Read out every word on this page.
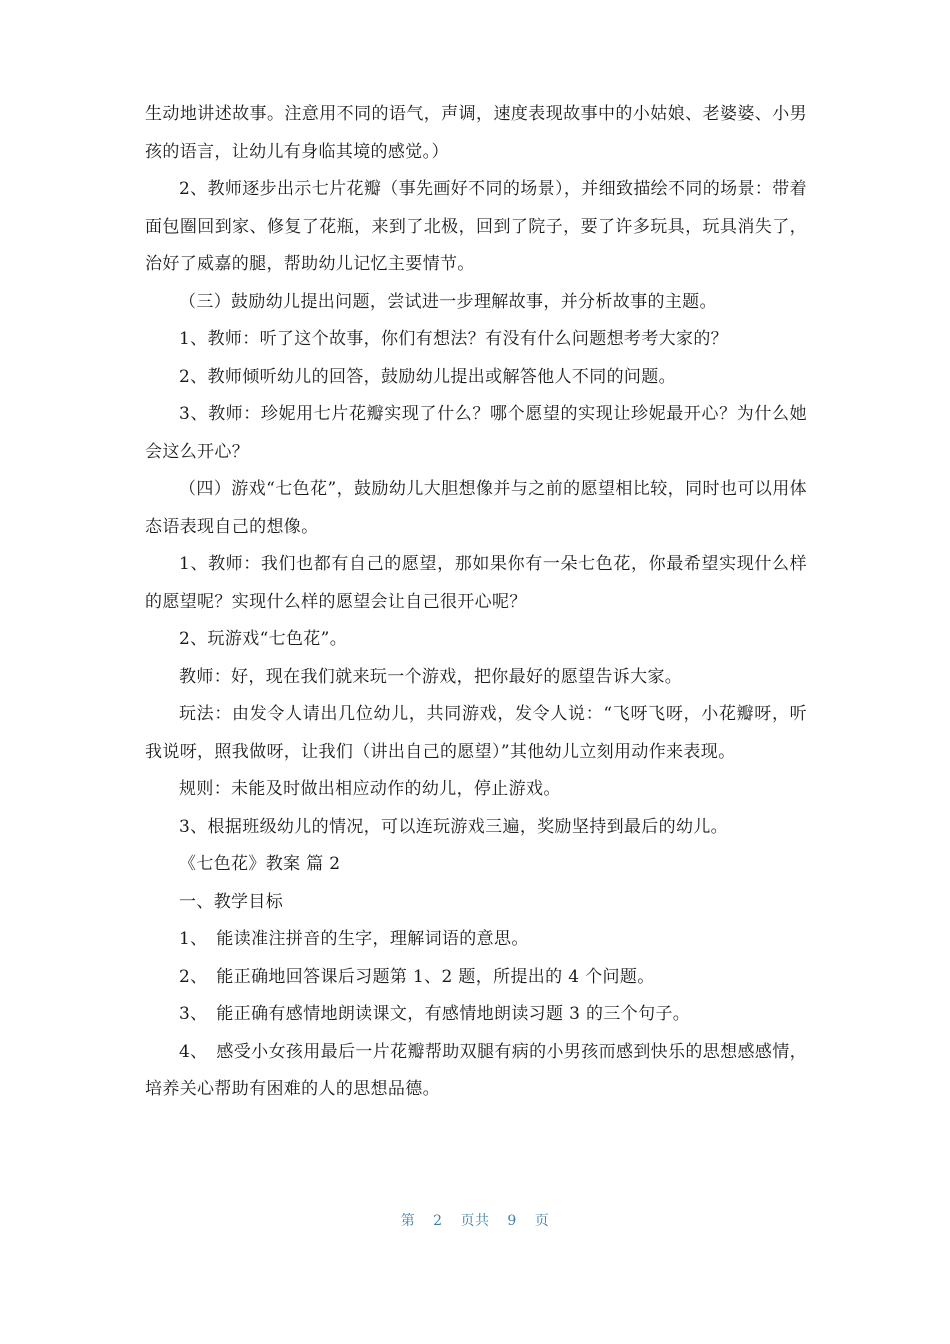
生动地讲述故事。注意用不同的语气，声调，速度表现故事中的小姑娘、老婆婆、小男孩的语言，让幼儿有身临其境的感觉。）

2、教师逐步出示七片花瓣（事先画好不同的场景），并细致描绘不同的场景：带着面包圈回到家、修复了花瓶，来到了北极，回到了院子，要了许多玩具，玩具消失了，治好了威嘉的腿，帮助幼儿记忆主要情节。

（三）鼓励幼儿提出问题，尝试进一步理解故事，并分析故事的主题。

1、教师：听了这个故事，你们有想法？有没有什么问题想考考大家的？

2、教师倾听幼儿的回答，鼓励幼儿提出或解答他人不同的问题。

3、教师：珍妮用七片花瓣实现了什么？哪个愿望的实现让珍妮最开心？为什么她会这么开心？

（四）游戏“七色花”，鼓励幼儿大胆想像并与之前的愿望相比较，同时也可以用体态语表现自己的想像。

1、教师：我们也都有自己的愿望，那如果你有一朵七色花，你最希望实现什么样的愿望呢？实现什么样的愿望会让自己很开心呢？

2、玩游戏“七色花”。

教师：好，现在我们就来玩一个游戏，把你最好的愿望告诉大家。

玩法：由发令人请出几位幼儿，共同游戏，发令人说：“飞呀飞呀，小花瓣呀，听我说呀，照我做呀，让我们（讲出自己的愿望）”其他幼儿立刻用动作来表现。

规则：未能及时做出相应动作的幼儿，停止游戏。

3、根据班级幼儿的情况，可以连玩游戏三遍，奖励坚持到最后的幼儿。

《七色花》教案 篇 2

一、教学目标

1、　能读准注拼音的生字，理解词语的意思。

2、　能正确地回答课后习题第 1、2 题，所提出的 4 个问题。

3、　能正确有感情地朗读课文，有感情地朗读习题 3 的三个句子。

4、　感受小女孩用最后一片花瓣帮助双腿有病的小男孩而感到快乐的思想感感情，培养关心帮助有困难的人的思想品德。

第 2 页共 9 页
